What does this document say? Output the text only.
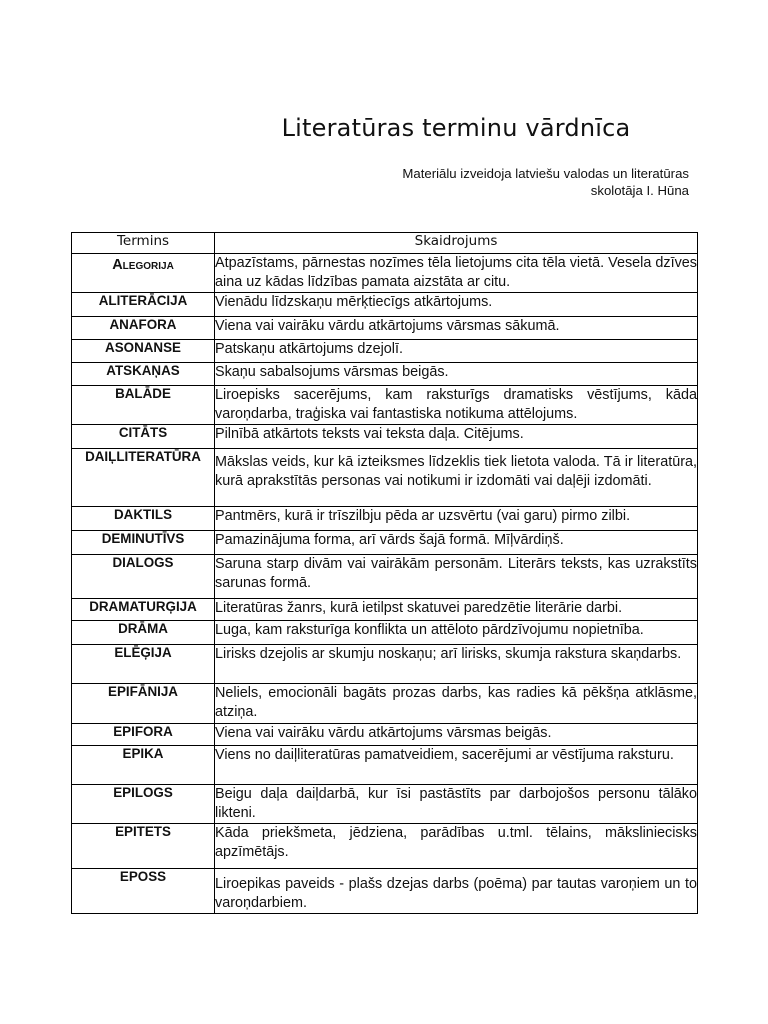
Literatūras terminu vārdnīca
Materiālu izveidoja latviešu valodas un literatūras skolotāja I. Hūna
Termins	Skaidrojums
Alegorija	Atpazīstams, pārnestas nozīmes tēla lietojums cita tēla vietā. Vesela dzīves aina uz kādas līdzības pamata aizstāta ar citu.
ALITERĀCIJA	Vienādu līdzskaņu mērķtiecīgs atkārtojums.
ANAFORA	Viena vai vairāku vārdu atkārtojums vārsmas sākumā.
ASONANSE	Patskaņu atkārtojums dzejolī.
ATSKAŅAS	Skaņu sabalsojums vārsmas beigās.
BALĀDE	Liroepisks sacerējums, kam raksturīgs dramatisks vēstījums, kāda varoņdarba, traģiska vai fantastiska notikuma attēlojums.
CITĀTS	Pilnībā atkārtots teksts vai teksta daļa. Citējums.
DAIĻLITERATŪRA	Mākslas veids, kur kā izteiksmes līdzeklis tiek lietota valoda. Tā ir literatūra, kurā aprakstītās personas vai notikumi ir izdomāti vai daļēji izdomāti.
DAKTILS	Pantmērs, kurā ir trīszilbju pēda ar uzsvērtu (vai garu) pirmo zilbi.
DEMINUTĪVS	Pamazinājuma forma, arī vārds šajā formā. Mīļvārdiņš.
DIALOGS	Saruna starp divām vai vairākām personām. Literārs teksts, kas uzrakstīts sarunas formā.
DRAMATURĢIJA	Literatūras žanrs, kurā ietilpst skatuvei paredzētie literārie darbi.
DRĀMA	Luga, kam raksturīga konflikta un attēloto pārdzīvojumu nopietnība.
ELĒĢIJA	Lirisks dzejolis ar skumju noskaņu; arī lirisks, skumja rakstura skaņdarbs.
EPIFĀNIJA	Neliels, emocionāli bagāts prozas darbs, kas radies kā pēkšņa atklāsme, atziņa.
EPIFORA	Viena vai vairāku vārdu atkārtojums vārsmas beigās.
EPIKA	Viens no daiļliteratūras pamatveidiem, sacerējumi ar vēstījuma raksturu.
EPILOGS	Beigu daļa daiļdarbā, kur īsi pastāstīts par darbojošos personu tālāko likteni.
EPITETS	Kāda priekšmeta, jēdziena, parādības u.tml. tēlains, māksliniecisks apzīmētājs.
EPOSS	Liroepikas paveids - plašs dzejas darbs (poēma) par tautas varoņiem un to varoņdarbiem.
